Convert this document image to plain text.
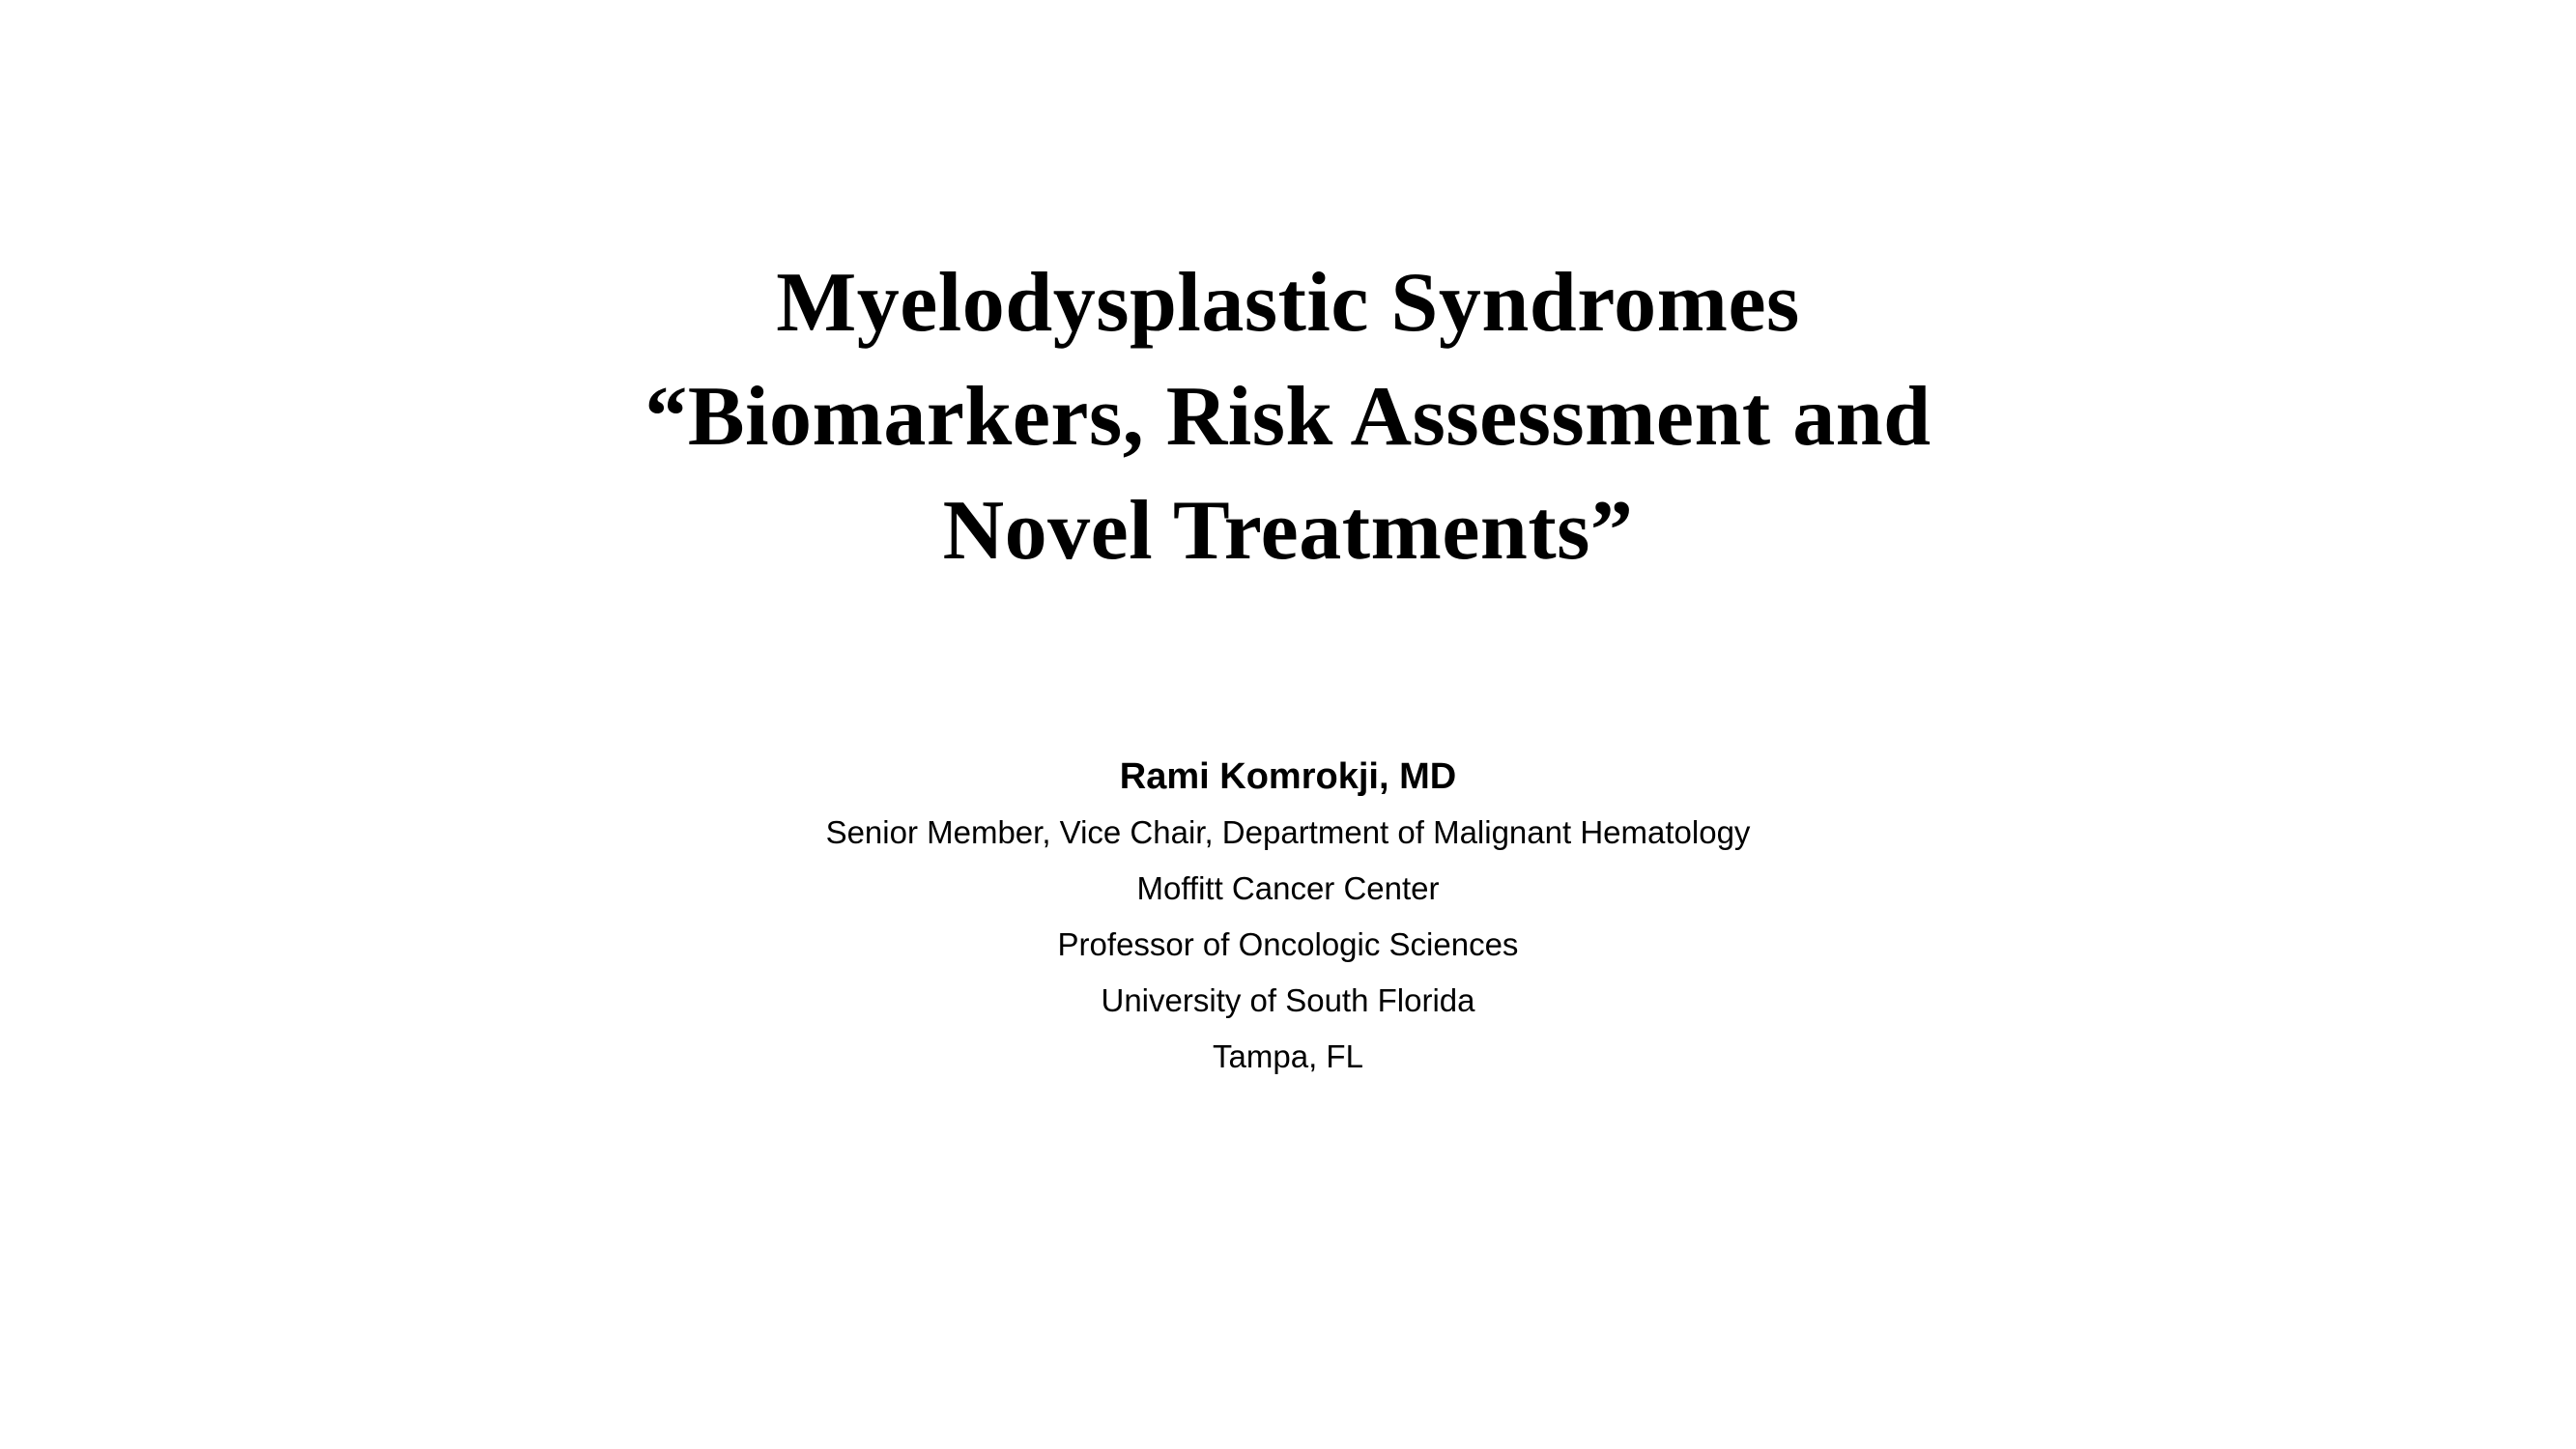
Myelodysplastic Syndromes
“Biomarkers, Risk Assessment and
Novel Treatments”
Rami Komrokji, MD
Senior Member, Vice Chair, Department of Malignant Hematology
Moffitt Cancer Center
Professor of Oncologic Sciences
University of South Florida
Tampa, FL
